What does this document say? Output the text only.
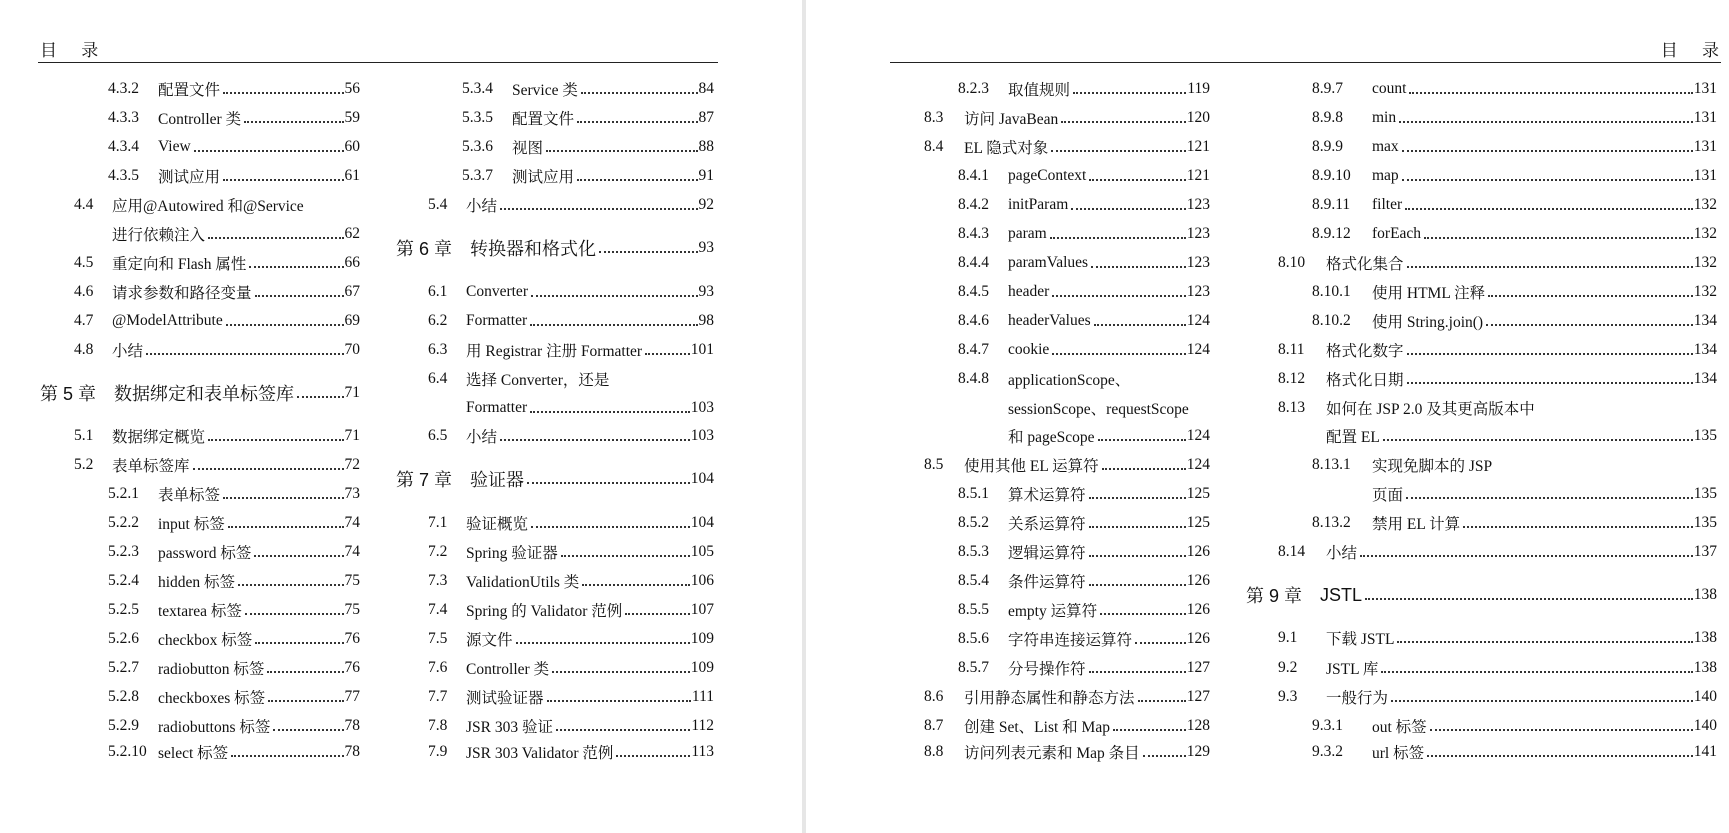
目 录
4.3.2	配置文件	56
4.3.3	Controller 类	59
4.3.4	View	60
4.3.5	测试应用	61
4.4	应用@Autowired 和@Service
进行依赖注入	62
4.5	重定向和 Flash 属性	66
4.6	请求参数和路径变量	67
4.7	@ModelAttribute	69
4.8	小结	70
第 5 章 数据绑定和表单标签库	71
5.1	数据绑定概览	71
5.2	表单标签库	72
5.2.1	表单标签	73
5.2.2	input 标签	74
5.2.3	password 标签	74
5.2.4	hidden 标签	75
5.2.5	textarea 标签	75
5.2.6	checkbox 标签	76
5.2.7	radiobutton 标签	76
5.2.8	checkboxes 标签	77
5.2.9	radiobuttons 标签	78
5.2.10 select 标签	78
5.3.4	Service 类	84
5.3.5	配置文件	87
5.3.6	视图	88
5.3.7	测试应用	91
5.4	小结	92
第 6 章 转换器和格式化	93
6.1	Converter	93
6.2	Formatter	98
6.3	用 Registrar 注册 Formatter	101
6.4	选择 Converter，还是
Formatter	103
6.5	小结	103
第 7 章 验证器	104
7.1	验证概览	104
7.2	Spring 验证器	105
7.3	ValidationUtils 类	106
7.4	Spring 的 Validator 范例	107
7.5	源文件	109
7.6	Controller 类	109
7.7	测试验证器	111
7.8	JSR 303 验证	112
7.9	JSR 303 Validator 范例	113
目 录
8.2.3	取值规则	119
8.3	访问 JavaBean	120
8.4	EL 隐式对象	121
8.4.1	pageContext	121
8.4.2	initParam	123
8.4.3	param	123
8.4.4	paramValues	123
8.4.5	header	123
8.4.6	headerValues	124
8.4.7	cookie	124
8.4.8	applicationScope、
sessionScope、requestScope
和 pageScope	124
8.5	使用其他 EL 运算符	124
8.5.1	算术运算符	125
8.5.2	关系运算符	125
8.5.3	逻辑运算符	126
8.5.4	条件运算符	126
8.5.5	empty 运算符	126
8.5.6	字符串连接运算符	126
8.5.7	分号操作符	127
8.6	引用静态属性和静态方法	127
8.7	创建 Set、List 和 Map	128
8.8	访问列表元素和 Map 条目	129
8.9.7	count	131
8.9.8	min	131
8.9.9	max	131
8.9.10	map	131
8.9.11	filter	132
8.9.12	forEach	132
8.10	格式化集合	132
8.10.1	使用 HTML 注释	132
8.10.2	使用 String.join()	134
8.11	格式化数字	134
8.12	格式化日期	134
8.13	如何在 JSP 2.0 及其更高版本中
配置 EL	135
8.13.1	实现免脚本的 JSP
页面	135
8.13.2	禁用 EL 计算	135
8.14	小结	137
第 9 章 JSTL	138
9.1	下载 JSTL	138
9.2	JSTL 库	138
9.3	一般行为	140
9.3.1	out 标签	140
9.3.2	url 标签	141
